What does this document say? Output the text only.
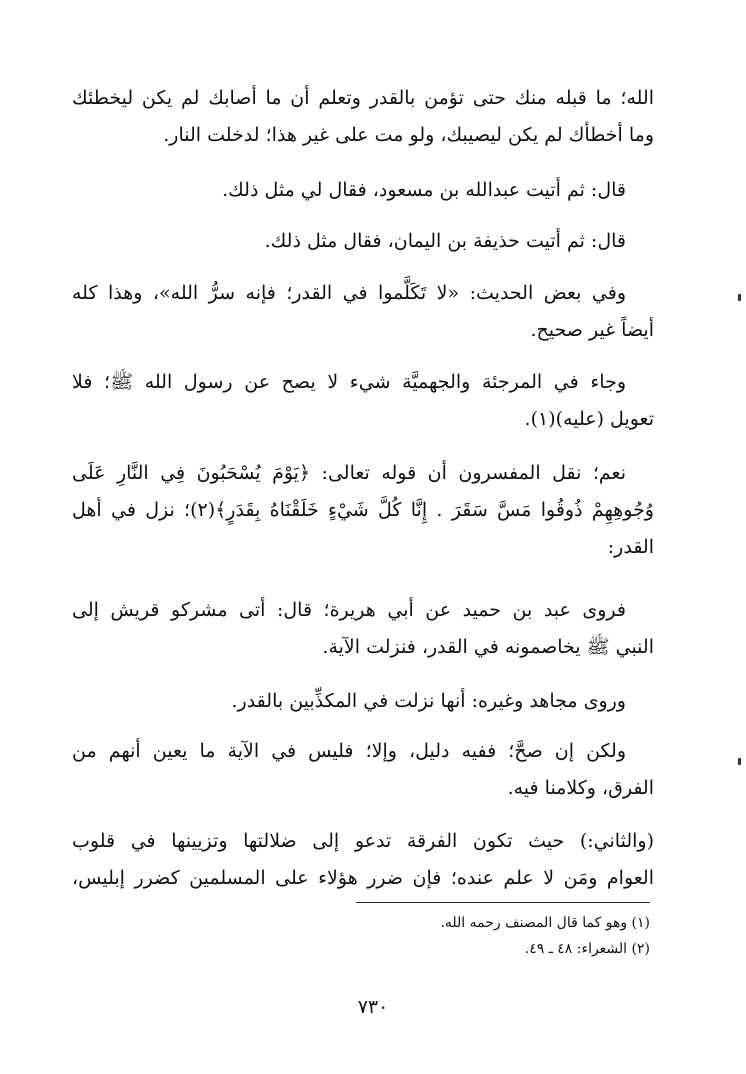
الله؛ ما قبله منك حتى تؤمن بالقدر وتعلم أن ما أصابك لم يكن ليخطئك
وما أخطأك لم يكن ليصيبك، ولو مت على غير هذا؛ لدخلت النار.
قال: ثم أتيت عبدالله بن مسعود، فقال لي مثل ذلك.
قال: ثم أتيت حذيفة بن اليمان، فقال مثل ذلك.
وفي بعض الحديث: «لا تَكَلَّموا في القدر؛ فإنه سرُّ الله»، وهذا كله
أيضاً غير صحيح.
وجاء في المرجئة والجهميَّة شيء لا يصح عن رسول الله ﷺ؛ فلا
تعويل (عليه)(١).
نعم؛ نقل المفسرون أن قوله تعالى: ﴿يَوْمَ يُسْحَبُونَ فِي النَّارِ عَلَى
وُجُوهِهِمْ ذُوقُوا مَسَّ سَقَرَ . إِنَّا كُلَّ شَيْءٍ خَلَقْنَاهُ بِقَدَرٍ﴾(٢)؛ نزل في أهل
القدر:
فروى عبد بن حميد عن أبي هريرة؛ قال: أتى مشركو قريش إلى
النبي ﷺ يخاصمونه في القدر، فنزلت الآية.
وروى مجاهد وغيره: أنها نزلت في المكذِّبين بالقدر.
ولكن إن صحَّ؛ ففيه دليل، وإلا؛ فليس في الآية ما يعين أنهم من
الفرق، وكلامنا فيه.
(والثاني:) حيث تكون الفرقة تدعو إلى ضلالتها وتزيينها في قلوب
العوام ومَن لا علم عنده؛ فإن ضرر هؤلاء على المسلمين كضرر إبليس،
(١) وهو كما قال المصنف رحمه الله.
(٢) الشعراء: ٤٨ ـ ٤٩.
٧٣٠
